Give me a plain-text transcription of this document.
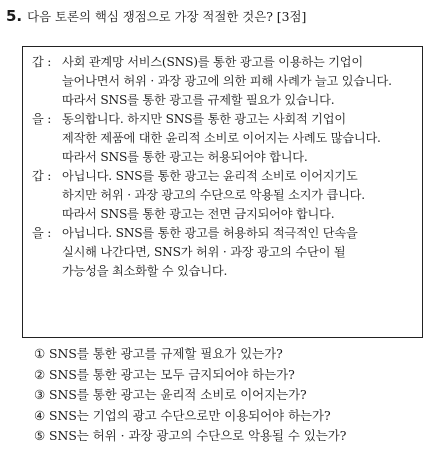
5. 다음 토론의 핵심 쟁점으로 가장 적절한 것은? [3점]
갑 : 사회 관계망 서비스(SNS)를 통한 광고를 이용하는 기업이
늘어나면서 허위 · 과장 광고에 의한 피해 사례가 늘고 있습니다.
따라서 SNS를 통한 광고를 규제할 필요가 있습니다.
을 : 동의합니다. 하지만 SNS를 통한 광고는 사회적 기업이
제작한 제품에 대한 윤리적 소비로 이어지는 사례도 많습니다.
따라서 SNS를 통한 광고는 허용되어야 합니다.
갑 : 아닙니다. SNS를 통한 광고는 윤리적 소비로 이어지기도
하지만 허위 · 과장 광고의 수단으로 악용될 소지가 큽니다.
따라서 SNS를 통한 광고는 전면 금지되어야 합니다.
을 : 아닙니다. SNS를 통한 광고를 허용하되 적극적인 단속을
실시해 나간다면, SNS가 허위 · 과장 광고의 수단이 될
가능성을 최소화할 수 있습니다.
① SNS를 통한 광고를 규제할 필요가 있는가?
② SNS를 통한 광고는 모두 금지되어야 하는가?
③ SNS를 통한 광고는 윤리적 소비로 이어지는가?
④ SNS는 기업의 광고 수단으로만 이용되어야 하는가?
⑤ SNS는 허위 · 과장 광고의 수단으로 악용될 수 있는가?
